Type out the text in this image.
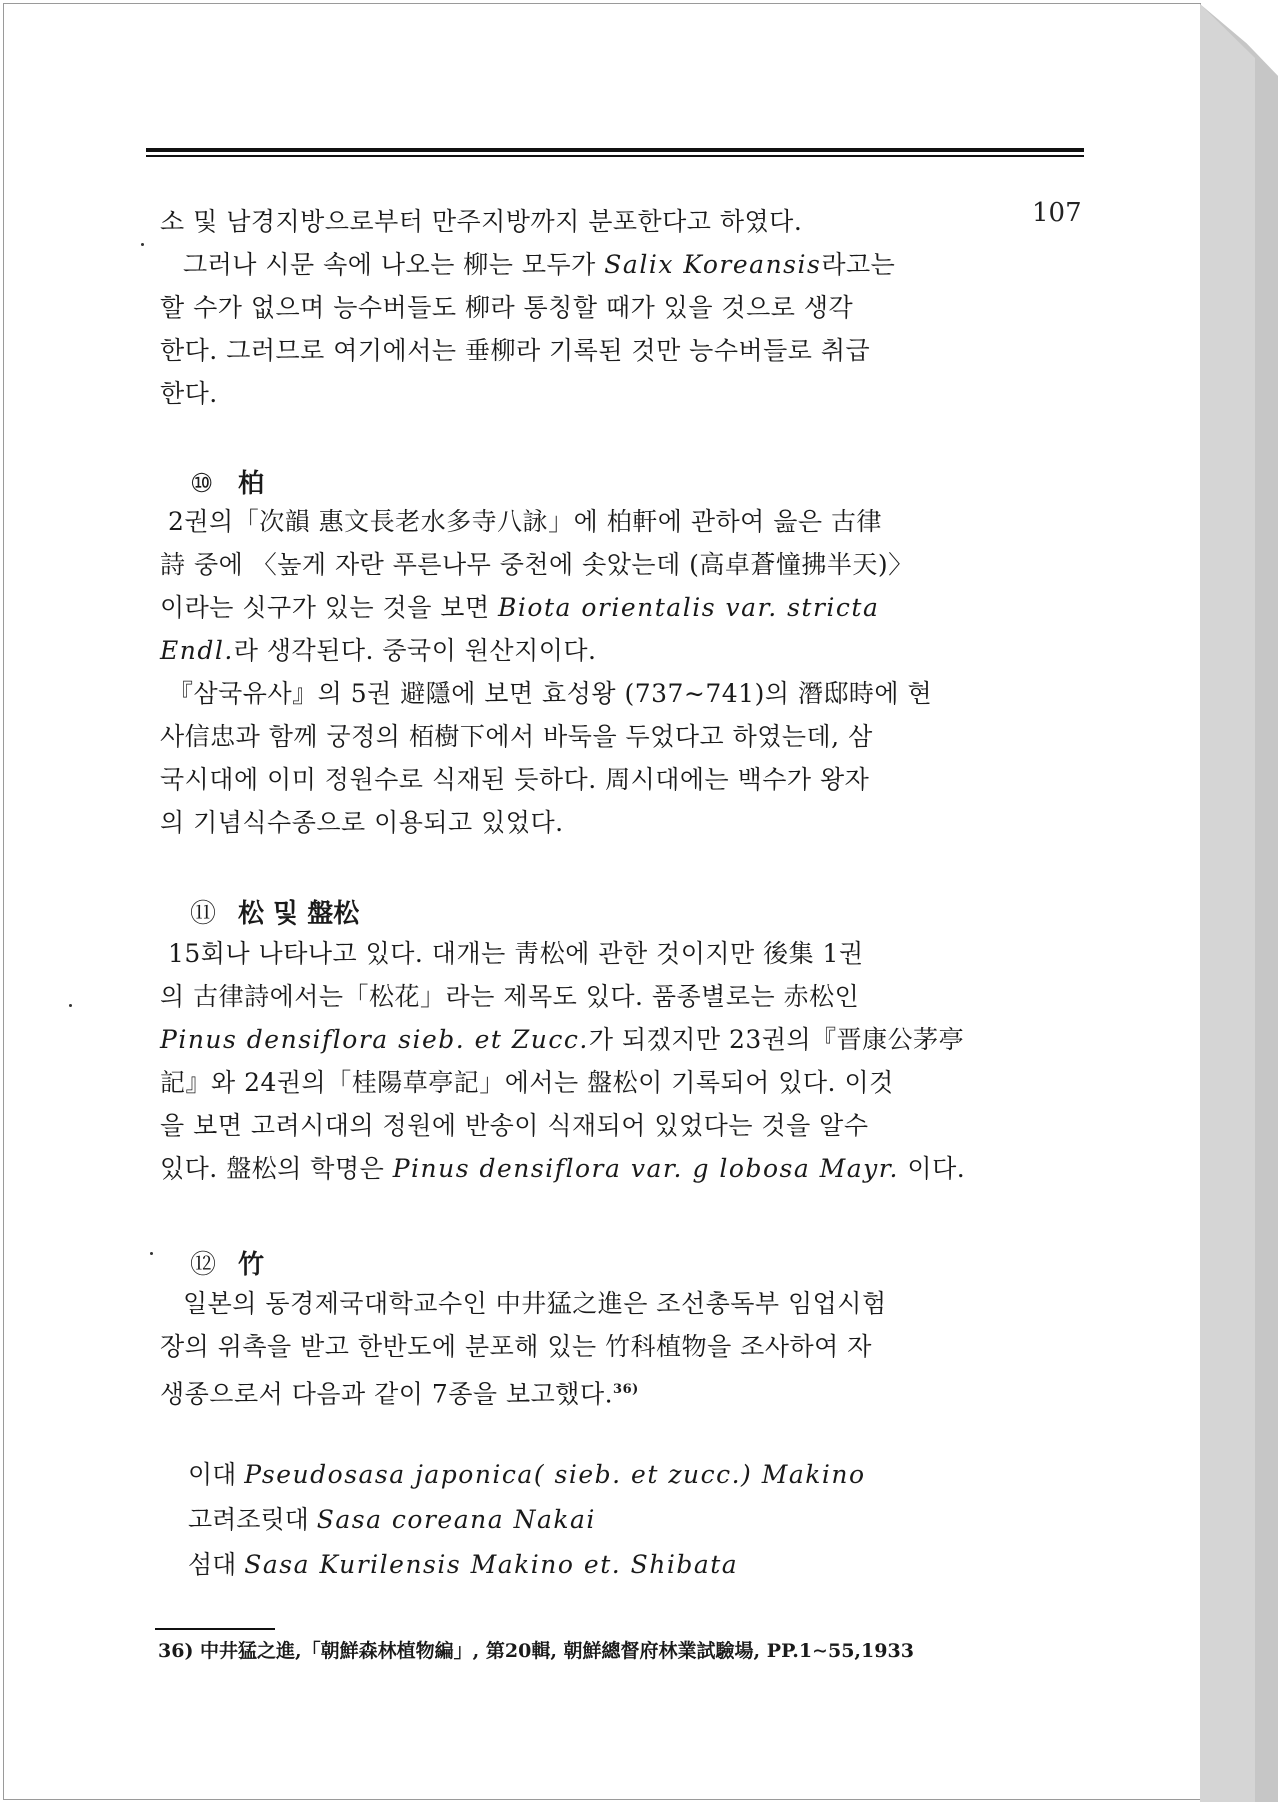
107
소 및 남경지방으로부터 만주지방까지 분포한다고 하였다.
그러나 시문 속에 나오는 柳는 모두가 Salix Koreansis라고는
할 수가 없으며 능수버들도 柳라 통칭할 때가 있을 것으로 생각
한다. 그러므로 여기에서는 垂柳라 기록된 것만 능수버들로 취급
한다.
⑩ 柏
2권의「次韻 惠文長老水多寺八詠」에 柏軒에 관하여 읊은 古律
詩 중에 〈높게 자란 푸른나무 중천에 솟았는데 (高卓蒼憧拂半天)〉
이라는 싯구가 있는 것을 보면 Biota orientalis var. stricta
Endl.라 생각된다. 중국이 원산지이다.
『삼국유사』의 5권 避隱에 보면 효성왕 (737∼741)의 潛邸時에 현
사信忠과 함께 궁정의 栢樹下에서 바둑을 두었다고 하였는데, 삼
국시대에 이미 정원수로 식재된 듯하다. 周시대에는 백수가 왕자
의 기념식수종으로 이용되고 있었다.
⑪ 松 및 盤松
15회나 나타나고 있다. 대개는 靑松에 관한 것이지만 後集 1권
의 古律詩에서는「松花」라는 제목도 있다. 품종별로는 赤松인
Pinus densiflora sieb. et Zucc.가 되겠지만 23권의『晋康公茅亭
記』와 24권의「桂陽草亭記」에서는 盤松이 기록되어 있다. 이것
을 보면 고려시대의 정원에 반송이 식재되어 있었다는 것을 알수
있다. 盤松의 학명은 Pinus densiflora var. g lobosa Mayr. 이다.
⑫ 竹
일본의 동경제국대학교수인 中井猛之進은 조선총독부 임업시험
장의 위촉을 받고 한반도에 분포해 있는 竹科植物을 조사하여 자
생종으로서 다음과 같이 7종을 보고했다.$^{36)}$
이대 Pseudosasa japonica( sieb. et zucc.) Makino
고려조릿대 Sasa coreana Nakai
섬대 Sasa Kurilensis Makino et. Shibata
36) 中井猛之進,「朝鮮森林植物編」, 第20輯, 朝鮮總督府林業試驗場, PP.1∼55,1933
